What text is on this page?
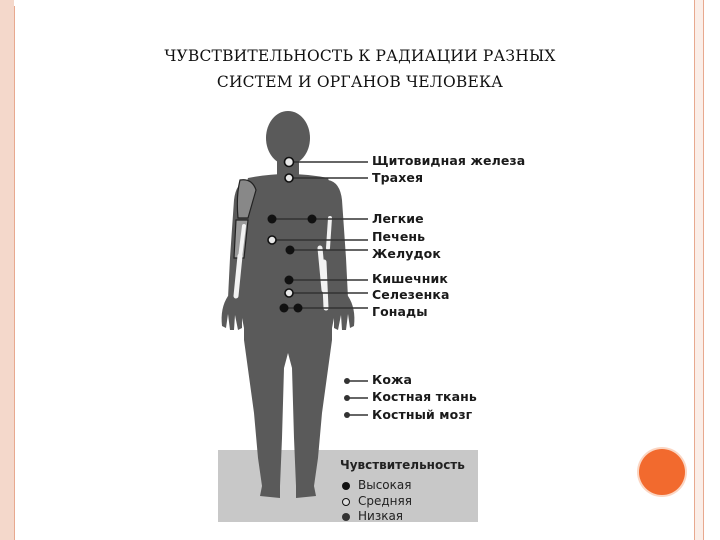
ЧУВСТВИТЕЛЬНОСТЬ К РАДИАЦИИ РАЗНЫХ
СИСТЕМ И ОРГАНОВ ЧЕЛОВЕКА
Чувствительность
Высокая
Средняя
Низкая
Щитовидная железа
Трахея
Легкие
Печень
Желудок
Кишечник
Селезенка
Гонады
Кожа
Костная ткань
Костный мозг
